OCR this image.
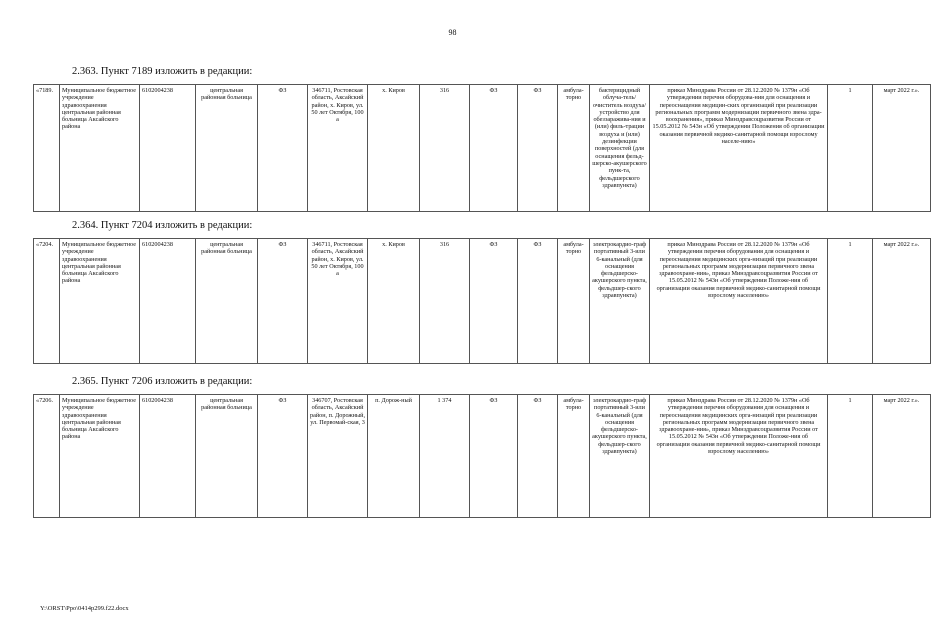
98
2.363. Пункт 7189 изложить в редакции:
«7189.	Муниципальное бюджетное учреждение здравоохранения центральная районная больница Аксайского района	6102004238	центральная районная больница	ФЗ	346711, Ростовская область, Аксайский район, х. Киров, ул. 50 лет Октября, 100 а	х. Киров	316	ФЗ	ФЗ	амбула-торно	бактерицидный облуча-тель/очиститель воздуха/устройство для обеззаражива-ния и (или) филь-трации воздуха и (или) дезинфекции поверхностей (для оснащения фельд-шерско-акушерского пунк-та, фельдшерского здравпункта)	приказ Минздрава России от 28.12.2020 № 1379н «Об утверждении перечня оборудова-ния для оснащения и переоснащения медицин-ских организаций при реализации региональных программ модернизации первичного звена здра-воохранения», приказ Минздравсоцразвития России от 15.05.2012 № 543н «Об утверждении Положения об организации оказания первичной медико-санитарной помощи взрослому населе-нию»	1	март 2022 г.».
2.364. Пункт 7204 изложить в редакции:
«7204.	Муниципальное бюджетное учреждение здравоохранения центральная районная больница Аксайского района	6102004238	центральная районная больница	ФЗ	346711, Ростовская область, Аксайский район, х. Киров, ул. 50 лет Октября, 100 а	х. Киров	316	ФЗ	ФЗ	амбула-торно	электрокардио-граф портативный 3-или 6-канальный (для оснащения фельдшерско-акушерского пункта, фельдшер-ского здравпункта)	приказ Минздрава России от 28.12.2020 № 1379н «Об утверждении перечня оборудования для оснащения и переоснащения медицинских орга-низаций при реализации региональных программ модернизации первичного звена здравоохране-ния», приказ Минздравсоцразвития России от 15.05.2012 № 543н «Об утверждении Положе-ния об организации оказания первичной медико-санитарной помощи взрослому населению»	1	март 2022 г.».
2.365. Пункт 7206 изложить в редакции:
«7206.	Муниципальное бюджетное учреждение здравоохранения центральная районная больница Аксайского района	6102004238	центральная районная больница	ФЗ	346707, Ростовская область, Аксайский район, п. Дорожный, ул. Первомай-ская, 3	п. Дорож-ный	1 374	ФЗ	ФЗ	амбула-торно	электрокардио-граф портативный 3-или 6-канальный (для оснащения фельдшерско-акушерского пункта, фельдшер-ского здравпункта)	приказ Минздрава России от 28.12.2020 № 1379н «Об утверждении перечня оборудования для оснащения и переоснащения медицинских орга-низаций при реализации региональных программ модернизации первичного звена здравоохране-ния», приказ Минздравсоцразвития России от 15.05.2012 № 543н «Об утверждении Положе-ния об организации оказания первичной медико-санитарной помощи взрослому населению»	1	март 2022 г.».
Y:\ORST\Ppo\0414p299.f22.docx
